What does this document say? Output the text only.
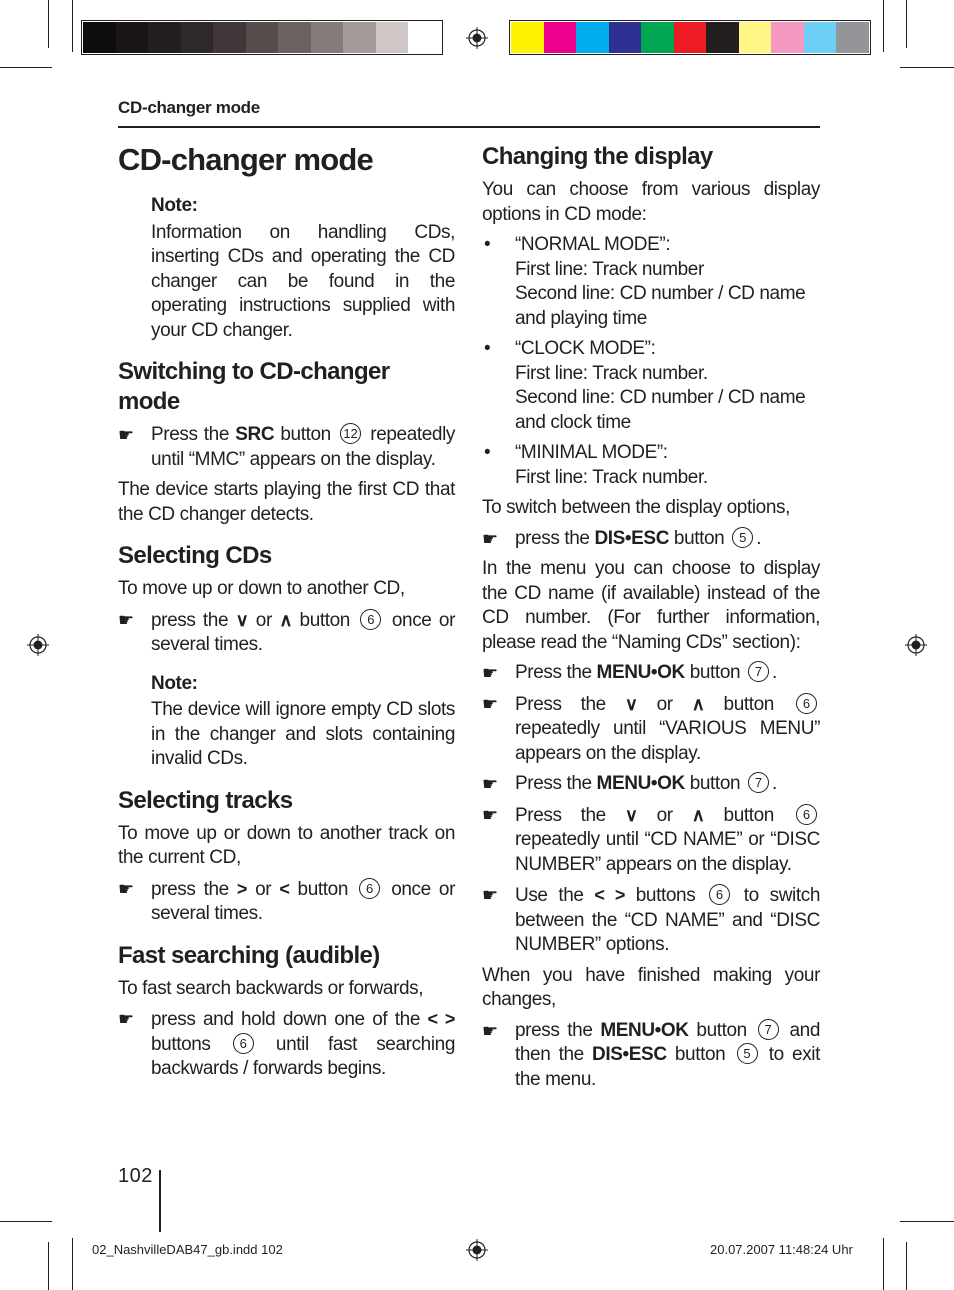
CD-changer mode
CD-changer mode
Note:

Information on handling CDs, inserting CDs and operating the CD changer can be found in the operating instructions supplied with your CD changer.

Switching to CD-changer mode
☛ Press the SRC button 12 repeatedly until “MMC” appears on the display.

The device starts playing the first CD that the CD changer detects.

Selecting CDs

To move up or down to another CD,

☛ press the ∨ or ∧ button 6 once or several times.
Note:

The device will ignore empty CD slots in the changer and slots containing invalid CDs.

Selecting tracks

To move up or down to another track on the current CD,

☛ press the > or < button 6 once or several times.
Fast searching (audible)

To fast search backwards or forwards,

☛ press and hold down one of the < > buttons 6 until fast searching backwards / forwards begins.
Changing the display

You can choose from various display options in CD mode:

• “NORMAL MODE”:
First line: Track number
Second line: CD number / CD name and playing time
• “CLOCK MODE”:
First line: Track number.
Second line: CD number / CD name and clock time
• “MINIMAL MODE”:
First line: Track number.

To switch between the display options,

☛ press the DIS•ESC button 5 .

In the menu you can choose to display the CD name (if available) instead of the CD number. (For further information, please read the “Naming CDs” section):

☛ Press the MENU•OK button 7 .
☛ Press the ∨ or ∧ button 6 repeatedly until “VARIOUS MENU” appears on the display.
☛ Press the MENU•OK button 7 .
☛ Press the ∨ or ∧ button 6 repeatedly until “CD NAME” or “DISC NUMBER” appears on the display.
☛ Use the < > buttons 6 to switch between the “CD NAME” and “DISC NUMBER” options.

When you have finished making your changes,

☛ press the MENU•OK button 7 and then the DIS•ESC button 5 to exit the menu.
102
02_NashvilleDAB47_gb.indd 102	20.07.2007 11:48:24 Uhr
